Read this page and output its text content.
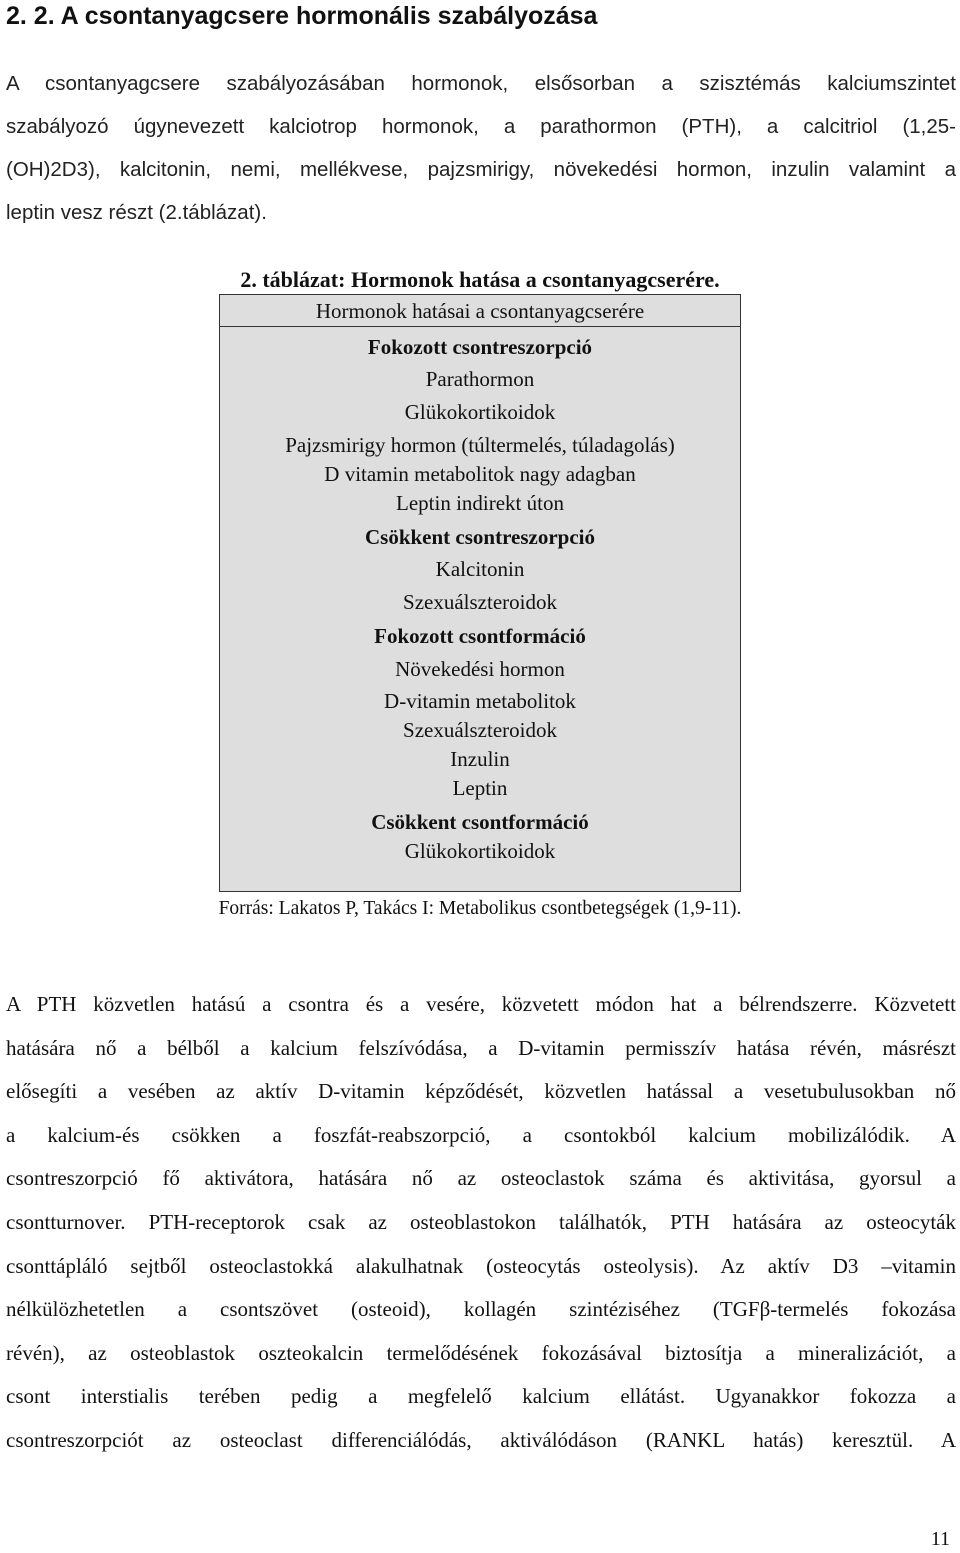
2. 2. A csontanyagcsere hormonális szabályozása
A csontanyagcsere szabályozásában hormonok, elsősorban a szisztémás kalciumszintet
szabályozó úgynevezett kalciotrop hormonok, a parathormon (PTH), a calcitriol (1,25-
(OH)2D3), kalcitonin, nemi, mellékvese, pajzsmirigy, növekedési hormon, inzulin valamint a
leptin vesz részt (2.táblázat).
2. táblázat: Hormonok hatása a csontanyagcserére.
Hormonok hatásai a csontanyagcserére
Fokozott csontreszorpció
Parathormon
Glükokortikoidok
Pajzsmirigy hormon (túltermelés, túladagolás)
D vitamin metabolitok nagy adagban
Leptin indirekt úton
Csökkent csontreszorpció
Kalcitonin
Szexuálszteroidok
Fokozott csontformáció
Növekedési hormon
D-vitamin metabolitok
Szexuálszteroidok
Inzulin
Leptin
Csökkent csontformáció
Glükokortikoidok
Forrás: Lakatos P, Takács I: Metabolikus csontbetegségek (1,9-11).
A PTH közvetlen hatású a csontra és a vesére, közvetett módon hat a bélrendszerre. Közvetett
hatására nő a bélből a kalcium felszívódása, a D-vitamin permisszív hatása révén, másrészt
elősegíti a vesében az aktív D-vitamin képződését, közvetlen hatással a vesetubulusokban nő
a kalcium-és csökken a foszfát-reabszorpció, a csontokból kalcium mobilizálódik. A
csontreszorpció fő aktivátora, hatására nő az osteoclastok száma és aktivitása, gyorsul a
csontturnover. PTH-receptorok csak az osteoblastokon találhatók, PTH hatására az osteocyták
csonttápláló sejtből osteoclastokká alakulhatnak (osteocytás osteolysis). Az aktív D3 –vitamin
nélkülözhetetlen a csontszövet (osteoid), kollagén szintéziséhez (TGFβ-termelés fokozása
révén), az osteoblastok oszteokalcin termelődésének fokozásával biztosítja a mineralizációt, a
csont interstialis terében pedig a megfelelő kalcium ellátást. Ugyanakkor fokozza a
csontreszorpciót az osteoclast differenciálódás, aktiválódáson (RANKL hatás) keresztül. A
11
